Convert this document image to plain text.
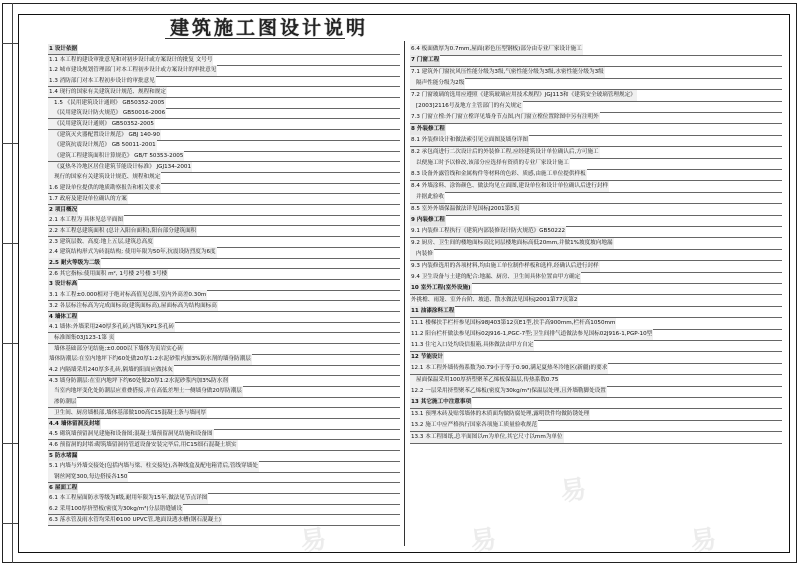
建筑施工图设计说明
1 设计依据
1.1 本工程的建设审批意见和对初步设计或方案设计的批复 文号号
1.2 城市建设规划管理部门对本工程初步设计或方案设计的审批意见
1.3 消防部门对本工程初步设计的审批意见
1.4 现行的国家有关建筑设计规范、规程和规定
1.5 《民用建筑设计通则》 GB50352-2005
《民用建筑设计防火规范》 GB50016-2006
《民用建筑设计通则》 GB50352-2005
《建筑灭火器配置设计规范》 GBJ 140-90
《建筑抗震设计规范》 GB 50011-2001
《建筑工程建筑面积计算规范》 GB/T 50353-2005
《夏热冬冷地区居住建筑节能设计标准》 JGJ134-2001
现行的国家有关建筑设计规范、规程和规定
1.6 建设单位提供的地质勘察报告和相关要求
1.7 政府及建设单位确认的方案
2 项目概况
2.1 本工程为 具体见总平面图
2.2 本工程总建筑面积 (总计入阳台面积),阳台部分建筑面积
2.3 建筑层数、高度:地上五层,建筑总高度
2.4 建筑结构形式为砖混结构; 使用年限为50年,抗震设防烈度为6度
2.5 耐火等级为二级
2.6 其它指标:使用面积 m², 1号楼 2号楼 3号楼
3 设计标高
3.1 本工程±0.000相对于绝对标高值见总图,室内外高差0.30m
3.2 各层标注标高为完成面标高(建筑面标高),屋面标高为结构面标高
4 墙体工程
4.1 墙体:外墙采用240厚多孔砖,内墙为KP1多孔砖
标准图集03J123-1第 页
墙体基础部分见结施;±0.000以下墙体为页岩实心砖
墙体防潮层:在室内地坪下约60处做20厚1:2水泥砂浆内加3%防水剂的墙身防潮层
4.2 内隔墙采用240厚多孔砖,隔墙的阳面应做抹灰
4.3 墙身防潮层:在室内地坪下约60处做20厚1:2水泥砂浆内加3%防水剂
当室内地坪变化处防潮层应重叠搭接,并在高低差埋土一侧墙身做20厚防潮层
渗防潮层
卫生间、厨房墙根部,墙体基部做100高C15混凝土条与墙同厚
4.4 墙体留洞及封堵
4.5 砌筑墙预留洞见建施和设备图;混凝土墙预留洞见结施和设备图
4.6 预留洞的封堵:砌筑墙留洞待管道设备安装完毕后,用C15细石混凝土填实
5 防水堵漏
5.1 内墙与外墙交接处(包括内墙与梁、柱交接处),各种线盒及配电箱背后,管线穿墙处
钢丝网宽300,每边搭接各150
6 屋面工程
6.1 本工程屋面防水等级为Ⅱ级,耐用年限为15年,做法见节点详图
6.2 采用100厚挤塑板(密度为30kg/m³)分层错缝铺设
6.3 落水管及雨水管均采用Φ100 UPVC管,地面设透水槽(钢石混凝土)
6.4 板面做厚为0.7mm,屋面(彩色压型钢板)部分由专业厂家设计施工
7 门窗工程
7.1 建筑外门窗抗风压性能分级为3级,气密性能分级为3级,水密性能分级为3级
隔声性能分级为2级
7.2 门窗玻璃的选用应遵照《建筑玻璃应用技术规程》JGJ113和《建筑安全玻璃管理规定》
[2003]2116号及地方主管部门的有关规定
7.3 门窗立樘:外门窗立樘详见墙身节点图,内门窗立樘位置除图中另有注明外
8 外装修工程
8.1 外装修设计和做法索引见立面图及墙身详图
8.2 承包商进行二次设计后的外装修工程,应经建筑设计单位确认后,方可施工
以便施工时予以修改,该部分应选择有资质的专业厂家设计施工
8.3 设备外露管线和金属构件等材料的色彩、质感,由施工单位提供样板
8.4 外墙涂料、涂饰颜色、做法均见立面图,建设单位和设计单位确认后进行封样
并据此验收
8.5 室外外墙保温做法详见国标J2001第5页
9 内装修工程
9.1 内装修工程执行《建筑内部装修设计防火规范》GB50222
9.2 厨房、卫生间的楼地面标高比同层楼地面标高低20mm,并做1%坡度坡向地漏
内装修
9.3 内装修选用的各项材料,均由施工单位制作样板和选样,经确认后进行封样
9.4 卫生设备与土建的配合:地漏、厨房、卫生间具体位置由甲方确定
10 室外工程(室外设施)
外挑檐、雨篷、室外台阶、坡道、散水做法见国标J2001第77页第2
11 油漆涂料工程
11.1 楼梯扶手栏杆参见国标98J403第12页E1型,扶手高900mm,栏杆高1050mm
11.2 阳台栏杆做法参见国标02J916-1,PGC-7型;卫生间排气道做法参见国标02J916-1,PGP-10型
11.3 住宅入口处均设信报箱,具体做法由甲方自定
12 节能设计
12.1 本工程外墙传热系数为0.79小于等于0.90,满足夏热冬冷地区(新疆)的要求
屋面保温采用100厚挤塑聚苯乙烯板保温层,传热系数0.75
12.2 一层采用挤塑聚苯乙烯板(密度为30kg/m³)保温层处理,且外墙勒脚处设置
13 其它施工中注意事项
13.1 预埋木砖及贴邻墙体的木质面均做防腐处理,露明铁件均做防锈处理
13.2 施工中应严格执行国家各项施工质量验收规范
13.3 本工程图纸,总平面图以m为单位,其它尺寸以mm为单位
易
易
易
易
